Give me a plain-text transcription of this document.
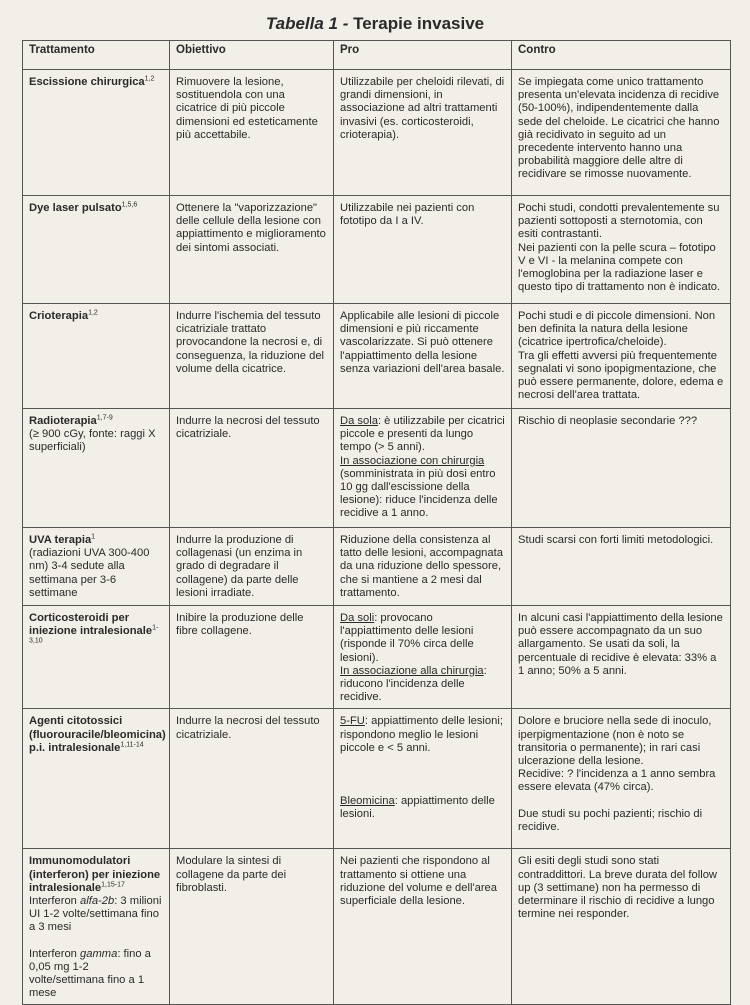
Tabella 1 - Terapie invasive
Trattamento	Obiettivo	Pro	Contro
Escissione chirurgica$^{1,2}$	Rimuovere la lesione, sostituendola con una cicatrice di più piccole dimensioni ed esteticamente più accettabile.	Utilizzabile per cheloidi rilevati, di grandi dimensioni, in associazione ad altri trattamenti invasivi (es. corticosteroidi, crioterapia).	Se impiegata come unico trattamento presenta un'elevata incidenza di recidive (50-100%), indipendentemente dalla sede del cheloide. Le cicatrici che hanno già recidivato in seguito ad un precedente intervento hanno una probabilità maggiore delle altre di recidivare se rimosse nuovamente.
Dye laser pulsato$^{1,5,6}$	Ottenere la "vaporizzazione" delle cellule della lesione con appiattimento e miglioramento dei sintomi associati.	Utilizzabile nei pazienti con fototipo da I a IV.	Pochi studi, condotti prevalentemente su pazienti sottoposti a sternotomia, con esiti contrastanti.
Nei pazienti con la pelle scura – fototipo V e VI - la melanina compete con l'emoglobina per la radiazione laser e questo tipo di trattamento non è indicato.

Crioterapia$^{1,2}$	Indurre l'ischemia del tessuto cicatriziale trattato provocandone la necrosi e, di conseguenza, la riduzione del volume della cicatrice.	Applicabile alle lesioni di piccole dimensioni e più riccamente vascolarizzate. Si può ottenere l'appiattimento della lesione senza variazioni dell'area basale.	Pochi studi e di piccole dimensioni. Non ben definita la natura della lesione (cicatrice ipertrofica/cheloide).
Tra gli effetti avversi più frequentemente segnalati vi sono ipopigmentazione, che può essere permanente, dolore, edema e necrosi dell'area trattata.

Radioterapia$^{1,7-9}$
(≥ 900 cGy, fonte: raggi X superficiali)	Indurre la necrosi del tessuto cicatriziale.	Da sola: è utilizzabile per cicatrici piccole e presenti da lungo tempo (> 5 anni).
In associazione con chirurgia (somministrata in più dosi entro 10 gg dall'escissione della lesione): riduce l'incidenza delle recidive a 1 anno.	Rischio di neoplasie secondarie ???
UVA terapia$^1$
(radiazioni UVA 300-400 nm) 3-4 sedute alla settimana per 3-6 settimane	Indurre la produzione di collagenasi (un enzima in grado di degradare il collagene) da parte delle lesioni irradiate.	Riduzione della consistenza al tatto delle lesioni, accompagnata da una riduzione dello spessore, che si mantiene a 2 mesi dal trattamento.	Studi scarsi con forti limiti metodologici.
Corticosteroidi per iniezione intralesionale$^{1-3,10}$	Inibire la produzione delle fibre collagene.	Da soli: provocano l'appiattimento delle lesioni (risponde il 70% circa delle lesioni).
In associazione alla chirurgia: riducono l'incidenza delle recidive.	In alcuni casi l'appiattimento della lesione può essere accompagnato da un suo allargamento. Se usati da soli, la percentuale di recidive è elevata: 33% a 1 anno; 50% a 5 anni.
Agenti citotossici (fluorouracile/bleomicina) p.i. intralesionale$^{1,11-14}$	Indurre la necrosi del tessuto cicatriziale.	5-FU: appiattimento delle lesioni; rispondono meglio le lesioni piccole e < 5 anni.
Bleomicina: appiattimento delle lesioni.	Dolore e bruciore nella sede di inoculo, iperpigmentazione (non è noto se transitoria o permanente); in rari casi ulcerazione della lesione.
Recidive: ? l'incidenza a 1 anno sembra essere elevata (47% circa).
Due studi su pochi pazienti; rischio di recidive.

Immunomodulatori (interferon) per iniezione intralesionale$^{1,15-17}$
Interferon alfa-2b: 3 milioni UI 1-2 volte/settimana fino a 3 mesi
Interferon gamma: fino a 0,05 mg 1-2 volte/settimana fino a 1 mese	Modulare la sintesi di collagene da parte dei fibroblasti.	Nei pazienti che rispondono al trattamento si ottiene una riduzione del volume e dell'area superficiale della lesione.	Gli esiti degli studi sono stati contraddittori. La breve durata del follow up (3 settimane) non ha permesso di determinare il rischio di recidive a lungo termine nei responder.
